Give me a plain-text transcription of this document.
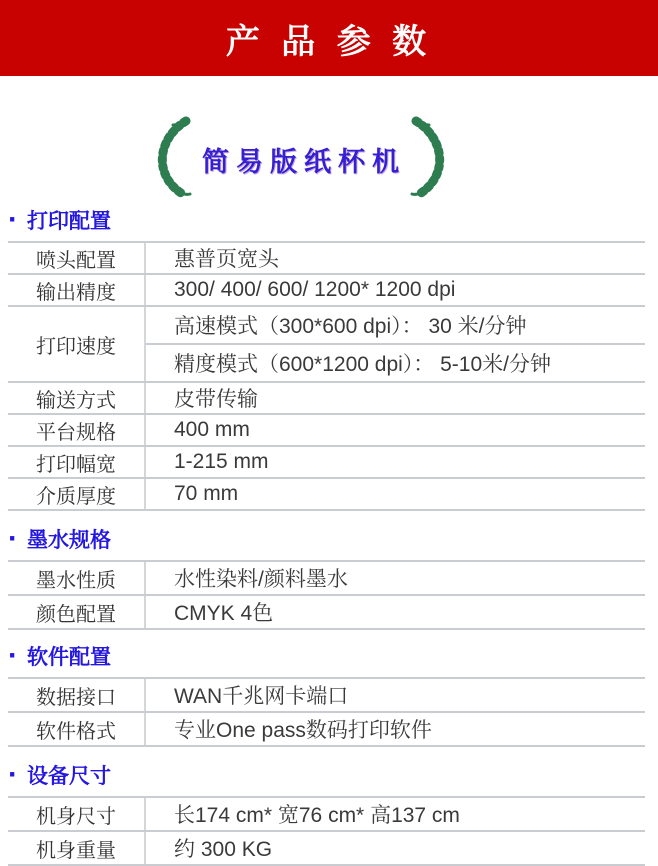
产 品 参 数
简易版纸杯机
· 打印配置
喷头配置	惠普页宽头
输出精度	300/ 400/ 600/ 1200* 1200 dpi
打印速度
高速模式（300*600 dpi）： 30 米/分钟
精度模式（600*1200 dpi）： 5-10米/分钟
输送方式	皮带传输
平台规格	400 mm
打印幅宽	1-215 mm
介质厚度	70 mm
· 墨水规格
墨水性质	水性染料/颜料墨水
颜色配置	CMYK 4色
· 软件配置
数据接口	WAN千兆网卡端口
软件格式	专业One pass数码打印软件
· 设备尺寸
机身尺寸	长174 cm* 宽76 cm* 高137 cm
机身重量	约 300 KG
